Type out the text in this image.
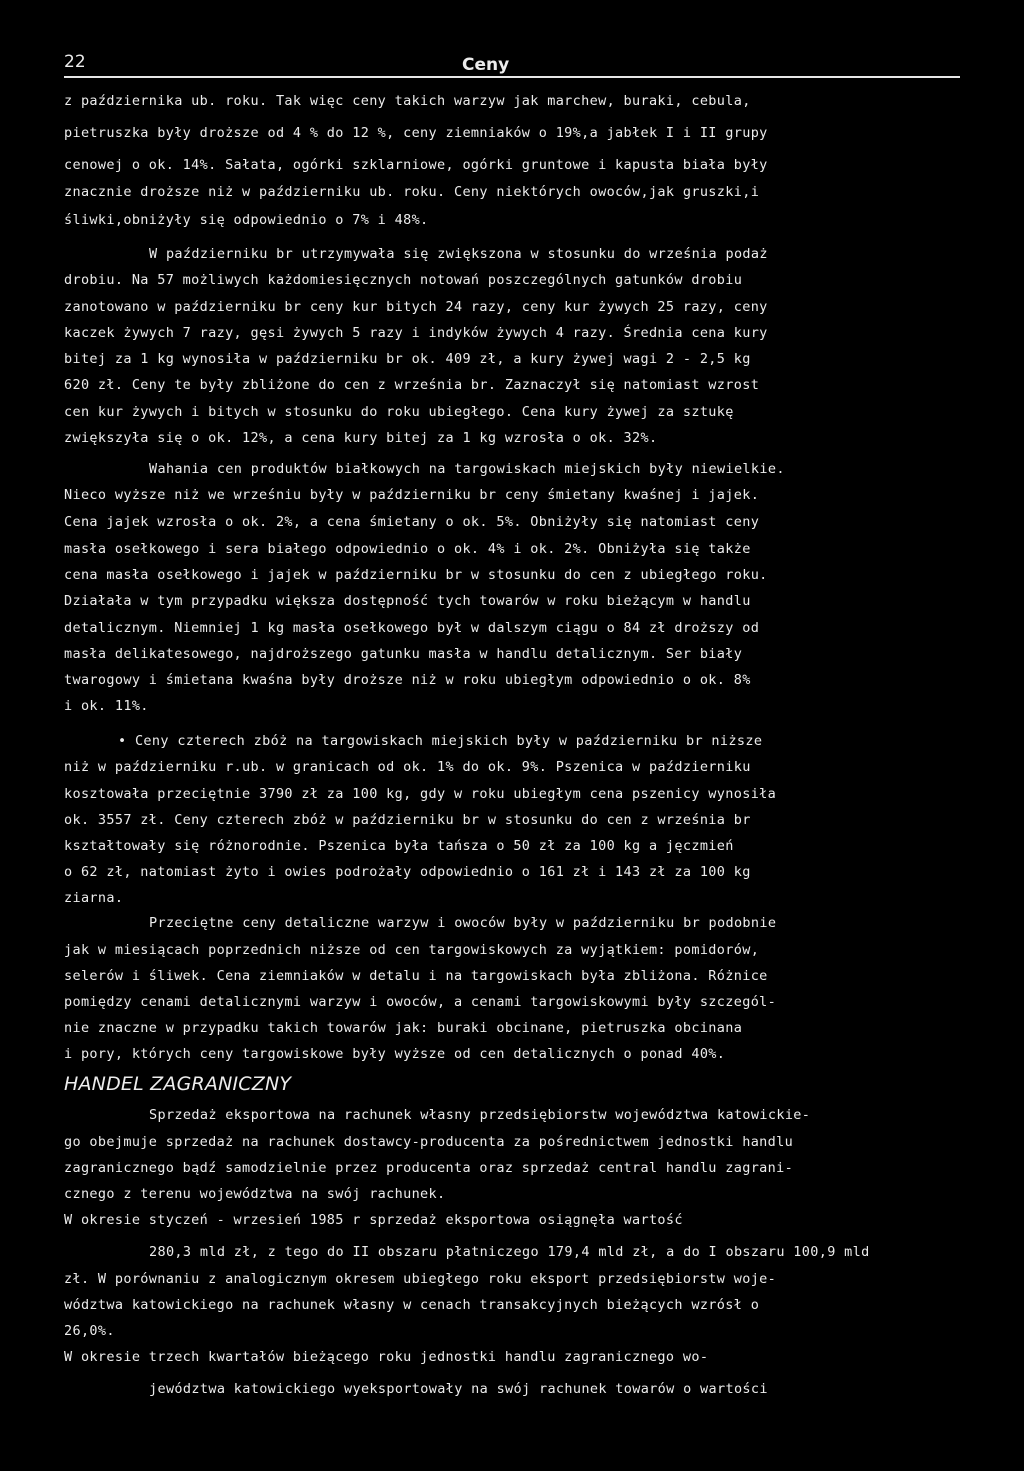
22	Ceny
z października ub. roku. Tak więc ceny takich warzyw jak marchew, buraki, cebula,
pietruszka były droższe od 4 % do 12 %, ceny ziemniaków o 19%,a jabłek I i II grupy
cenowej o ok. 14%. Sałata, ogórki szklarniowe, ogórki gruntowe i kapusta biała były
znacznie droższe niż w październiku ub. roku. Ceny niektórych owoców,jak gruszki,i
śliwki,obniżyły się odpowiednio o 7% i 48%.
W październiku br utrzymywała się zwiększona w stosunku do września podaż
drobiu. Na 57 możliwych każdomiesięcznych notowań poszczególnych gatunków drobiu
zanotowano w październiku br ceny kur bitych 24 razy, ceny kur żywych 25 razy, ceny
kaczek żywych 7 razy, gęsi żywych 5 razy i indyków żywych 4 razy. Średnia cena kury
bitej za 1 kg wynosiła w październiku br ok. 409 zł, a kury żywej wagi 2 - 2,5 kg
620 zł. Ceny te były zbliżone do cen z września br. Zaznaczył się natomiast wzrost
cen kur żywych i bitych w stosunku do roku ubiegłego. Cena kury żywej za sztukę
zwiększyła się o ok. 12%, a cena kury bitej za 1 kg wzrosła o ok. 32%.
Wahania cen produktów białkowych na targowiskach miejskich były niewielkie.
Nieco wyższe niż we wrześniu były w październiku br ceny śmietany kwaśnej i jajek.
Cena jajek wzrosła o ok. 2%, a cena śmietany o ok. 5%. Obniżyły się natomiast ceny
masła osełkowego i sera białego odpowiednio o ok. 4% i ok. 2%. Obniżyła się także
cena masła osełkowego i jajek w październiku br w stosunku do cen z ubiegłego roku.
Działała w tym przypadku większa dostępność tych towarów w roku bieżącym w handlu
detalicznym. Niemniej 1 kg masła osełkowego był w dalszym ciągu o 84 zł droższy od
masła delikatesowego, najdroższego gatunku masła w handlu detalicznym. Ser biały
twarogowy i śmietana kwaśna były droższe niż w roku ubiegłym odpowiednio o ok. 8%
i ok. 11%.
• Ceny czterech zbóż na targowiskach miejskich były w październiku br niższe
niż w październiku r.ub. w granicach od ok. 1% do ok. 9%. Pszenica w październiku
kosztowała przeciętnie 3790 zł za 100 kg, gdy w roku ubiegłym cena pszenicy wynosiła
ok. 3557 zł. Ceny czterech zbóż w październiku br w stosunku do cen z września br
kształtowały się różnorodnie. Pszenica była tańsza o 50 zł za 100 kg a jęczmień
o 62 zł, natomiast żyto i owies podrożały odpowiednio o 161 zł i 143 zł za 100 kg
ziarna.
Przeciętne ceny detaliczne warzyw i owoców były w październiku br podobnie
jak w miesiącach poprzednich niższe od cen targowiskowych za wyjątkiem: pomidorów,
selerów i śliwek. Cena ziemniaków w detalu i na targowiskach była zbliżona. Różnice
pomiędzy cenami detalicznymi warzyw i owoców, a cenami targowiskowymi były szczegól-
nie znaczne w przypadku takich towarów jak: buraki obcinane, pietruszka obcinana
i pory, których ceny targowiskowe były wyższe od cen detalicznych o ponad 40%.
HANDEL ZAGRANICZNY
Sprzedaż eksportowa na rachunek własny przedsiębiorstw województwa katowickie-
go obejmuje sprzedaż na rachunek dostawcy-producenta za pośrednictwem jednostki handlu
zagranicznego bądź samodzielnie przez producenta oraz sprzedaż central handlu zagrani-
cznego z terenu województwa na swój rachunek.
W okresie styczeń - wrzesień 1985 r sprzedaż eksportowa osiągnęła wartość
280,3 mld zł, z tego do II obszaru płatniczego 179,4 mld zł, a do I obszaru 100,9 mld
zł. W porównaniu z analogicznym okresem ubiegłego roku eksport przedsiębiorstw woje-
wództwa katowickiego na rachunek własny w cenach transakcyjnych bieżących wzrósł o
26,0%.
W okresie trzech kwartałów bieżącego roku jednostki handlu zagranicznego wo-
jewództwa katowickiego wyeksportowały na swój rachunek towarów o wartości
